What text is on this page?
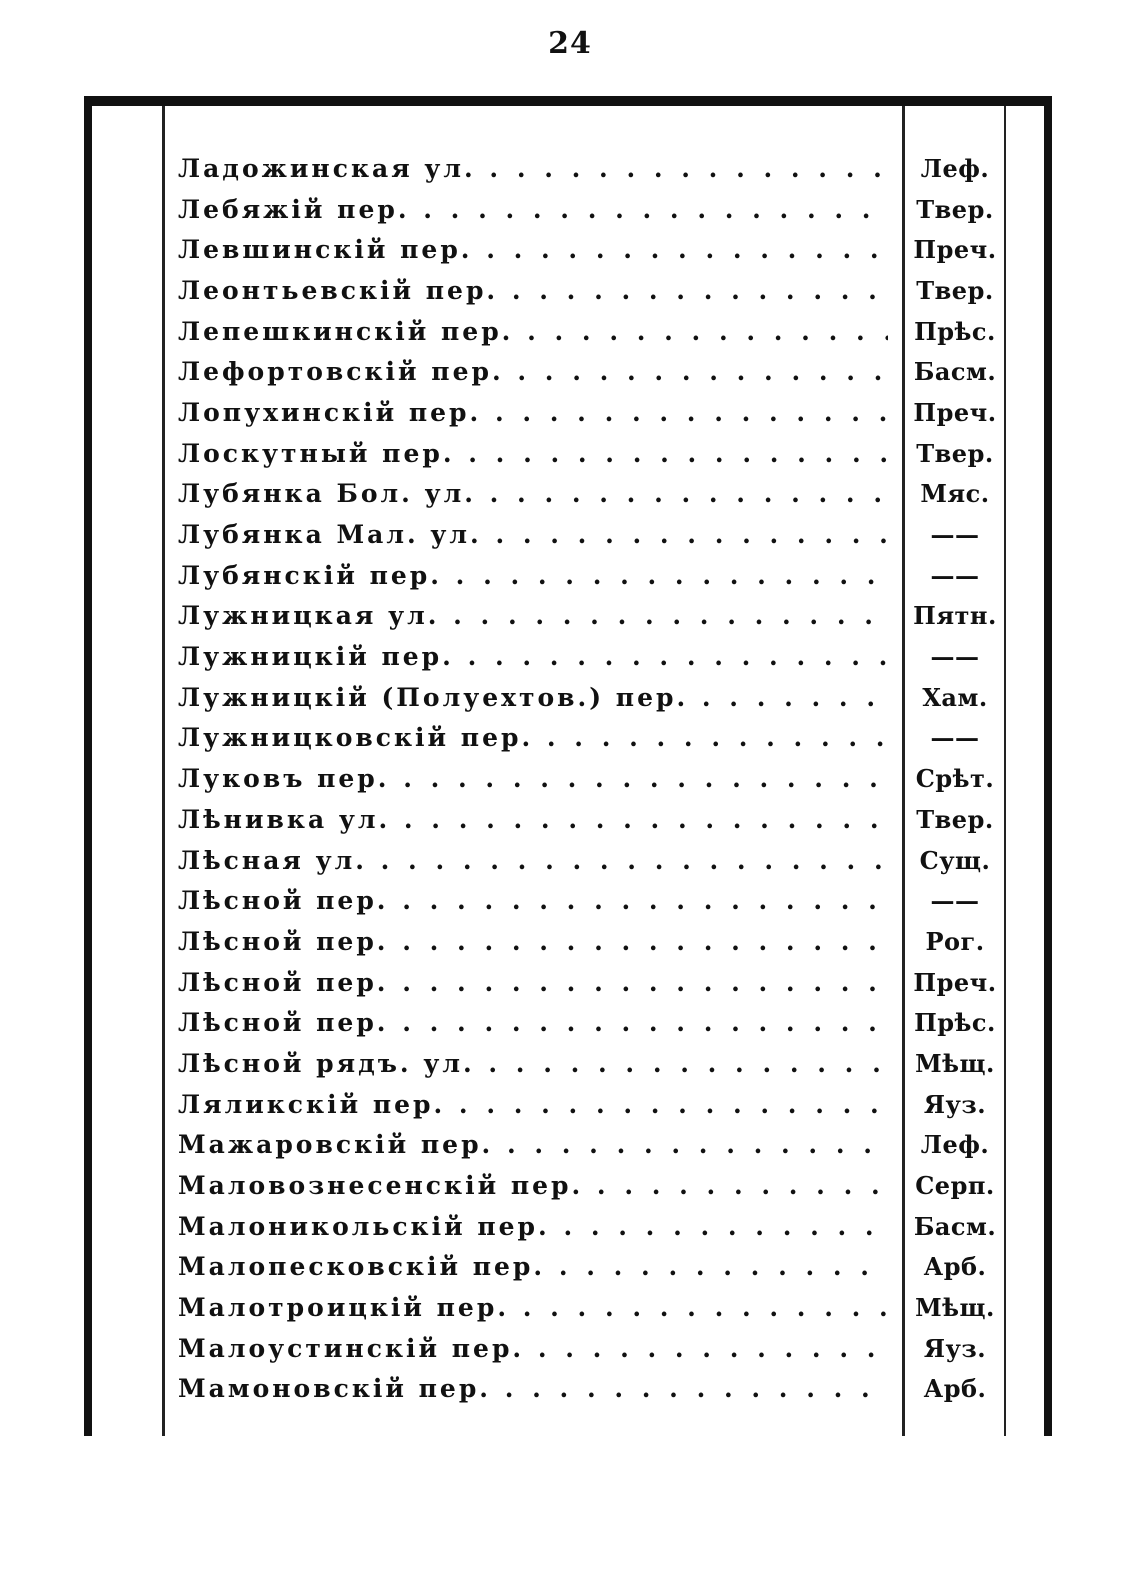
24
Ладожинская ул. . . .	Леф.
Лебяжій пер. . . .	Твер.
Левшинскій пер. . . .	Преч.
Леонтьевскій пер. . . .	Твер.
Лепешкинскій пер. . . .	Прѣс.
Лефортовскій пер. . . .	Басм.
Лопухинскій пер. . . .	Преч.
Лоскутный пер. . . .	Твер.
Лубянка Бол. ул. . . .	Мяс.
Лубянка Мал. ул. . . .	——
Лубянскій пер. . . .	——
Лужницкая ул. . . .	Пятн.
Лужницкій пер. . . .	——
Лужницкій (Полуехтов.) пер. . . .	Хам.
Лужницковскій пер. . . .	——
Луковъ пер. . . .	Срѣт.
Лѣнивка ул. . . .	Твер.
Лѣсная ул. . . .	Сущ.
Лѣсной пер. . . .	——
Лѣсной пер. . . .	Рог.
Лѣсной пер. . . .	Преч.
Лѣсной пер. . . .	Прѣс.
Лѣсной рядъ. ул. . . .	Мѣщ.
Ляликскій пер. . . .	Яуз.
Мажаровскій пер. . . .	Леф.
Маловознесенскій пер. . . .	Серп.
Малоникольскій пер. . . .	Басм.
Малопесковскій пер. . . .	Арб.
Малотроицкій пер. . . .	Мѣщ.
Малоустинскій пер. . . .	Яуз.
Мамоновскій пер. . . .	Арб.
